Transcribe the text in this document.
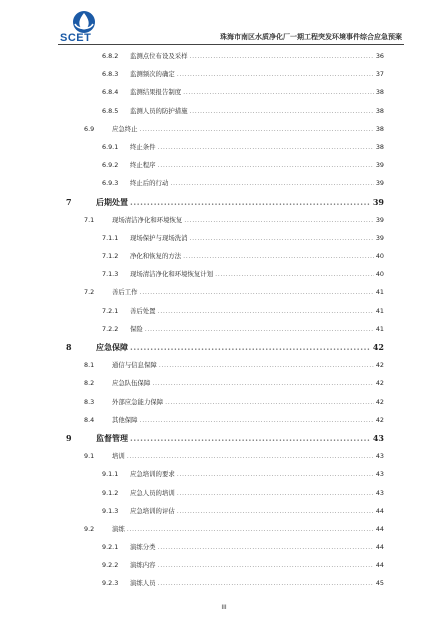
SCET	珠海市南区水质净化厂一期工程突发环境事件综合应急预案
6.8.2	监测点位布设及采样 .....	36
6.8.3	监测频次的确定 .....	37
6.8.4	监测结果报告制度 .....	38
6.8.5	监测人员的防护措施 .....	38
6.9	应急终止 .....	38
6.9.1	终止条件 .....	38
6.9.2	终止程序 .....	39
6.9.3	终止后的行动 .....	39
7	后期处置 .....	39
7.1	现场清洁净化和环境恢复 .....	39
7.1.1	现场保护与现场洗消 .....	39
7.1.2	净化和恢复的方法 .....	40
7.1.3	现场清洁净化和环境恢复计划 .....	40
7.2	善后工作 .....	41
7.2.1	善后处置 .....	41
7.2.2	保险 .....	41
8	应急保障 .....	42
8.1	通信与信息保障 .....	42
8.2	应急队伍保障 .....	42
8.3	外部应急能力保障 .....	42
8.4	其他保障 .....	42
9	监督管理 .....	43
9.1	培训 .....	43
9.1.1	应急培训的要求 .....	43
9.1.2	应急人员的培训 .....	43
9.1.3	应急培训的评估 .....	44
9.2	演练 .....	44
9.2.1	演练分类 .....	44
9.2.2	演练内容 .....	44
9.2.3	演练人员 .....	45
III
